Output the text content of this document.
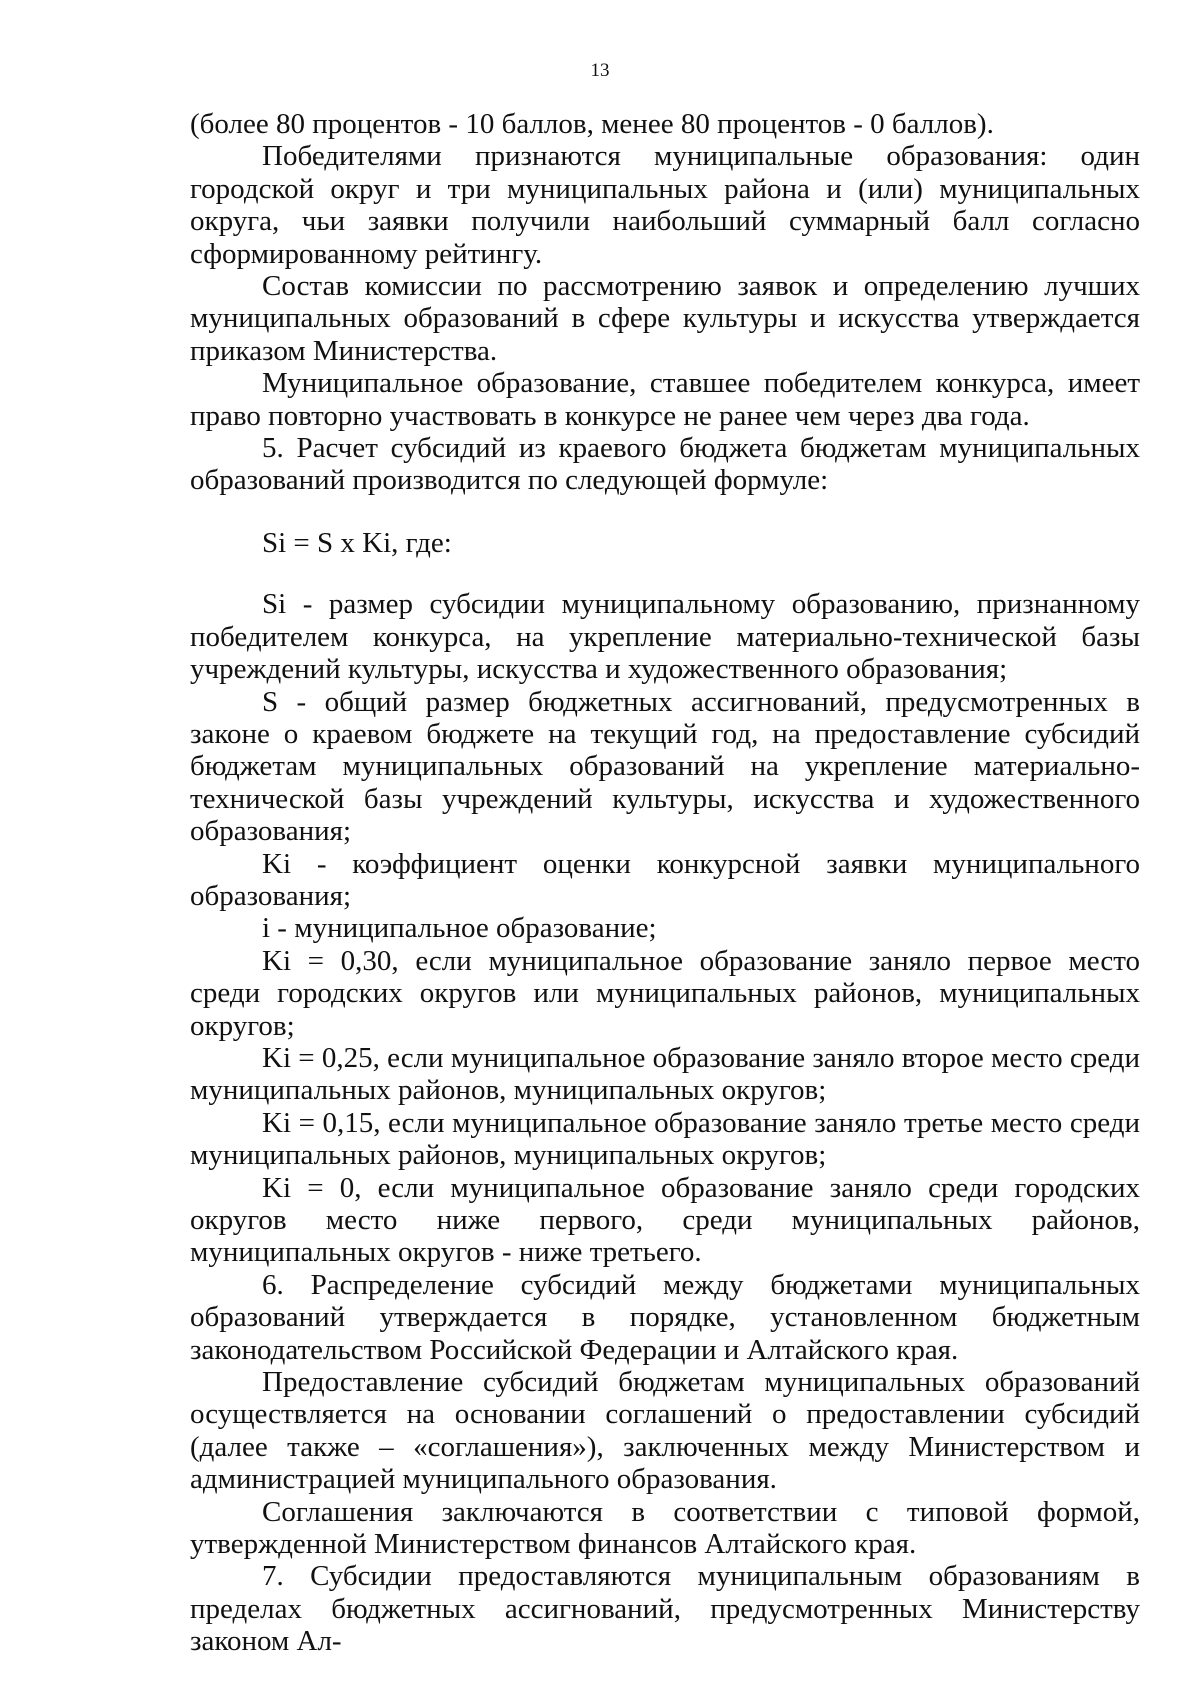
13

(более 80 процентов - 10 баллов, менее 80 процентов - 0 баллов).

Победителями признаются муниципальные образования: один городской округ и три муниципальных района и (или) муниципальных округа, чьи заявки получили наибольший суммарный балл согласно сформированному рейтингу.

Состав комиссии по рассмотрению заявок и определению лучших муниципальных образований в сфере культуры и искусства утверждается приказом Министерства.

Муниципальное образование, ставшее победителем конкурса, имеет право повторно участвовать в конкурсе не ранее чем через два года.

5. Расчет субсидий из краевого бюджета бюджетам муниципальных образований производится по следующей формуле:

Si = S x Ki, где:

Si - размер субсидии муниципальному образованию, признанному победителем конкурса, на укрепление материально-технической базы учреждений культуры, искусства и художественного образования;

S - общий размер бюджетных ассигнований, предусмотренных в законе о краевом бюджете на текущий год, на предоставление субсидий бюджетам муниципальных образований на укрепление материально-технической базы учреждений культуры, искусства и художественного образования;

Ki - коэффициент оценки конкурсной заявки муниципального образования;

i - муниципальное образование;

Ki = 0,30, если муниципальное образование заняло первое место среди городских округов или муниципальных районов, муниципальных округов;

Ki = 0,25, если муниципальное образование заняло второе место среди муниципальных районов, муниципальных округов;

Ki = 0,15, если муниципальное образование заняло третье место среди муниципальных районов, муниципальных округов;

Ki = 0, если муниципальное образование заняло среди городских округов место ниже первого, среди муниципальных районов, муниципальных округов - ниже третьего.

6. Распределение субсидий между бюджетами муниципальных образований утверждается в порядке, установленном бюджетным законодательством Российской Федерации и Алтайского края.

Предоставление субсидий бюджетам муниципальных образований осуществляется на основании соглашений о предоставлении субсидий (далее также – «соглашения»), заключенных между Министерством и администрацией муниципального образования.

Соглашения заключаются в соответствии с типовой формой, утвержденной Министерством финансов Алтайского края.

7. Субсидии предоставляются муниципальным образованиям в пределах бюджетных ассигнований, предусмотренных Министерству законом Ал-
